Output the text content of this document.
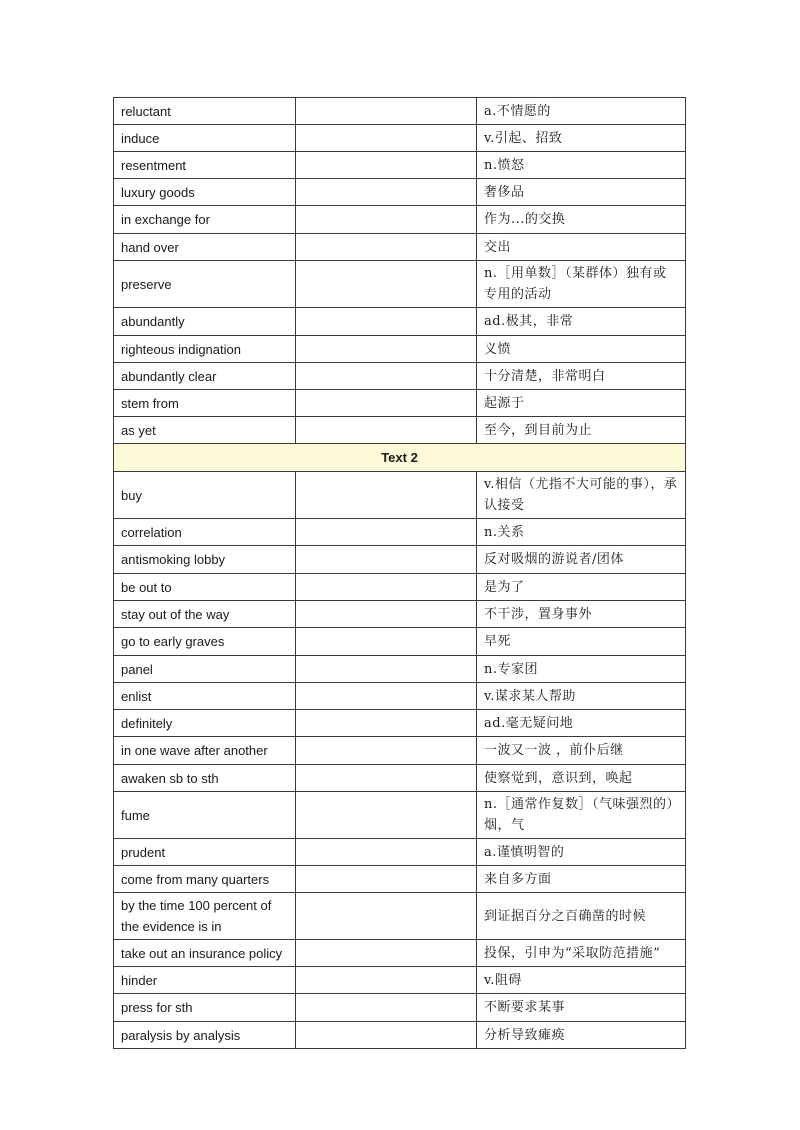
reluctant		a.不情愿的
induce		v.引起、招致
resentment		n.愤怒
luxury goods		奢侈品
in exchange for		作为...的交换
hand over		交出
preserve		n.［用单数］（某群体）独有或专用的活动
abundantly		ad.极其，非常
righteous indignation		义愤
abundantly clear		十分清楚，非常明白
stem from		起源于
as yet		至今，到目前为止
Text 2		
buy		v.相信（尤指不大可能的事），承认接受
correlation		n.关系
antismoking lobby		反对吸烟的游说者/团体
be out to		是为了
stay out of the way		不干涉，置身事外
go to early graves		早死
panel		n.专家团
enlist		v.谋求某人帮助
definitely		ad.毫无疑问地
in one wave after another		一波又一波 ，前仆后继
awaken sb to sth		使察觉到，意识到，唤起
fume		n.［通常作复数］（气味强烈的）烟，气
prudent		a.谨慎明智的
come from many quarters		来自多方面
by the time 100 percent of the evidence is in		到证据百分之百确凿的时候
take out an insurance policy		投保，引申为“采取防范措施”
hinder		v.阻碍
press for sth		不断要求某事
paralysis by analysis		分析导致瘫痪
